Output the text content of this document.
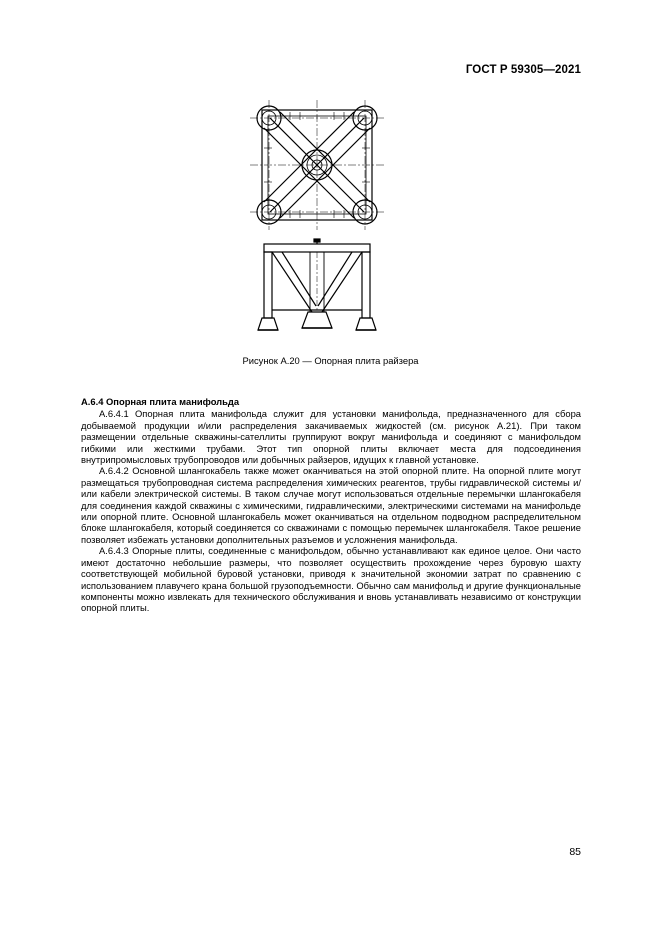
ГОСТ Р 59305—2021
Рисунок А.20 — Опорная плита райзера
А.6.4 Опорная плита манифольда

А.6.4.1 Опорная плита манифольда служит для установки манифольда, предназначенного для сбора добываемой продукции и/или распределения закачиваемых жидкостей (см. рисунок А.21). При таком размещении отдельные скважины-сателлиты группируют вокруг манифольда и соединяют с манифольдом гибкими или жесткими трубами. Этот тип опорной плиты включает места для подсоединения внутрипромысловых трубопроводов или добычных райзеров, идущих к главной установке.

А.6.4.2 Основной шлангокабель также может оканчиваться на этой опорной плите. На опорной плите могут размещаться трубопроводная система распределения химических реагентов, трубы гидравлической системы и/или кабели электрической системы. В таком случае могут использоваться отдельные перемычки шлангокабеля для соединения каждой скважины с химическими, гидравлическими, электрическими системами на манифольде или опорной плите. Основной шлангокабель может оканчиваться на отдельном подводном распределительном блоке шлангокабеля, который соединяется со скважинами с помощью перемычек шлангокабеля. Такое решение позволяет избежать установки дополнительных разъемов и усложнения манифольда.

А.6.4.3 Опорные плиты, соединенные с манифольдом, обычно устанавливают как единое целое. Они часто имеют достаточно небольшие размеры, что позволяет осуществить прохождение через буровую шахту соответствующей мобильной буровой установки, приводя к значительной экономии затрат по сравнению с использованием плавучего крана большой грузоподъемности. Обычно сам манифольд и другие функциональные компоненты можно извлекать для технического обслуживания и вновь устанавливать независимо от конструкции опорной плиты.

85
